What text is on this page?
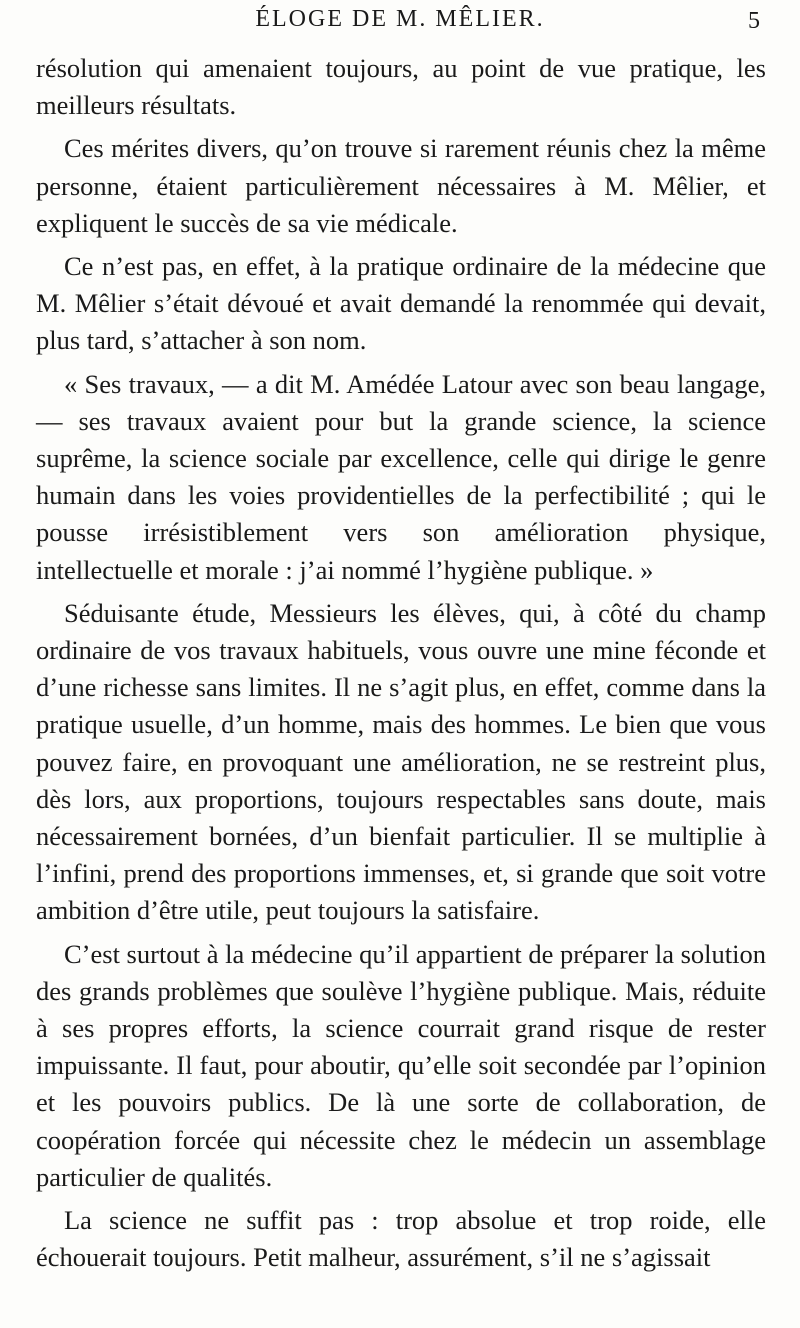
ÉLOGE DE M. MÊLIER.	5

résolution qui amenaient toujours, au point de vue pratique, les meilleurs résultats.

Ces mérites divers, qu’on trouve si rarement réunis chez la même personne, étaient particulièrement nécessaires à M. Mêlier, et expliquent le succès de sa vie médicale.

Ce n’est pas, en effet, à la pratique ordinaire de la médecine que M. Mêlier s’était dévoué et avait demandé la renommée qui devait, plus tard, s’attacher à son nom.

« Ses travaux, — a dit M. Amédée Latour avec son beau langage, — ses travaux avaient pour but la grande science, la science suprême, la science sociale par excellence, celle qui dirige le genre humain dans les voies providentielles de la perfectibilité ; qui le pousse irrésistiblement vers son amélioration physique, intellectuelle et morale : j’ai nommé l’hygiène publique. »

Séduisante étude, Messieurs les élèves, qui, à côté du champ ordinaire de vos travaux habituels, vous ouvre une mine féconde et d’une richesse sans limites. Il ne s’agit plus, en effet, comme dans la pratique usuelle, d’un homme, mais des hommes. Le bien que vous pouvez faire, en provoquant une amélioration, ne se restreint plus, dès lors, aux proportions, toujours respectables sans doute, mais nécessairement bornées, d’un bienfait particulier. Il se multiplie à l’infini, prend des proportions immenses, et, si grande que soit votre ambition d’être utile, peut toujours la satisfaire.

C’est surtout à la médecine qu’il appartient de préparer la solution des grands problèmes que soulève l’hygiène publique. Mais, réduite à ses propres efforts, la science courrait grand risque de rester impuissante. Il faut, pour aboutir, qu’elle soit secondée par l’opinion et les pouvoirs publics. De là une sorte de collaboration, de coopération forcée qui nécessite chez le médecin un assemblage particulier de qualités.

La science ne suffit pas : trop absolue et trop roide, elle échouerait toujours. Petit malheur, assurément, s’il ne s’agissait
